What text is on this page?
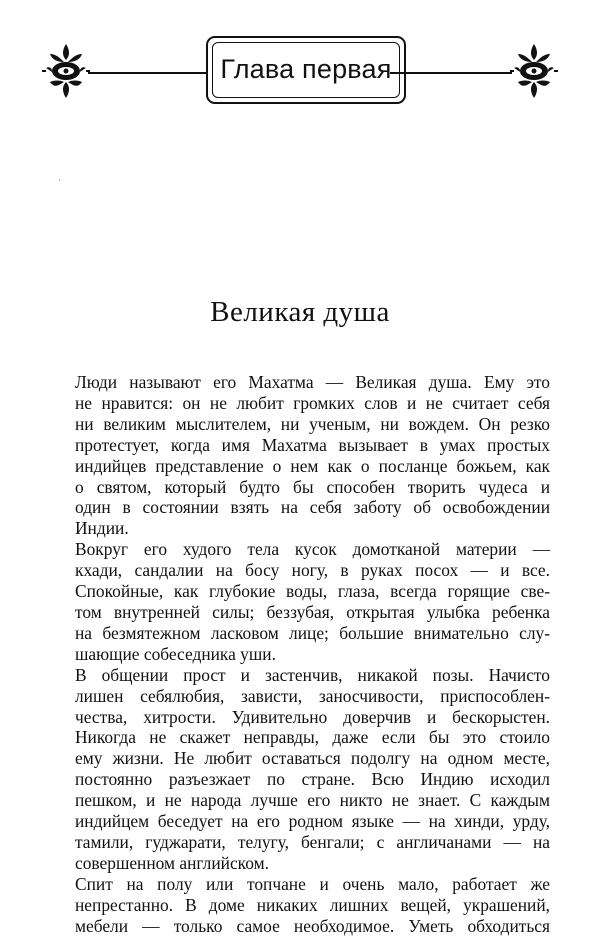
Глава первая
·
Великая душа

Люди называют его Махатма — Великая душа. Ему это
не нравится: он не любит громких слов и не считает себя
ни великим мыслителем, ни ученым, ни вождем. Он резко
протестует, когда имя Махатма вызывает в умах простых
индийцев представление о нем как о посланце божьем, как
о святом, который будто бы способен творить чудеса и
один в состоянии взять на себя заботу об освобождении
Индии.

Вокруг его худого тела кусок домотканой материи —
кхади, сандалии на босу ногу, в руках посох — и все.
Спокойные, как глубокие воды, глаза, всегда горящие све-
том внутренней силы; беззубая, открытая улыбка ребенка
на безмятежном ласковом лице; большие внимательно слу-
шающие собеседника уши.

В общении прост и застенчив, никакой позы. Начисто
лишен себялюбия, зависти, заносчивости, приспособлен-
чества, хитрости. Удивительно доверчив и бескорыстен.
Никогда не скажет неправды, даже если бы это стоило
ему жизни. Не любит оставаться подолгу на одном месте,
постоянно разъезжает по стране. Всю Индию исходил
пешком, и не народа лучше его никто не знает. С каждым
индийцем беседует на его родном языке — на хинди, урду,
тамили, гуджарати, телугу, бенгали; с англичанами — на
совершенном английском.

Спит на полу или топчане и очень мало, работает же
непрестанно. В доме никаких лишних вещей, украшений,
мебели — только самое необходимое. Уметь обходиться
